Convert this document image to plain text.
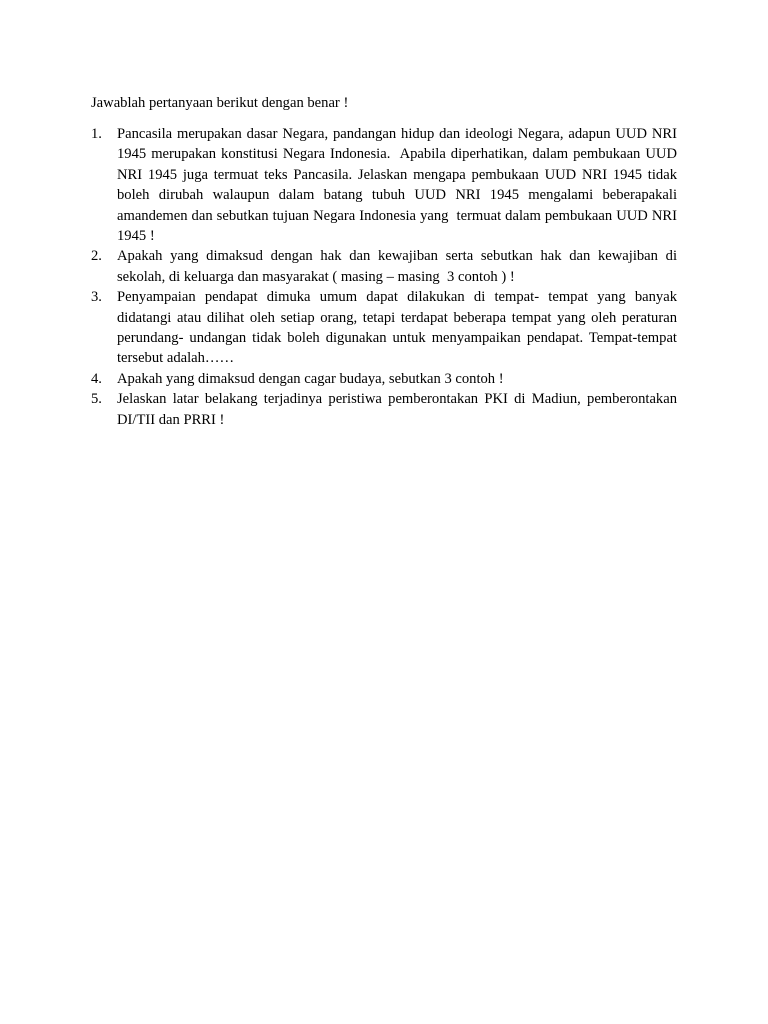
Jawablah pertanyaan berikut dengan benar !
1. Pancasila merupakan dasar Negara, pandangan hidup dan ideologi Negara, adapun UUD NRI 1945 merupakan konstitusi Negara Indonesia.  Apabila diperhatikan, dalam pembukaan UUD NRI 1945 juga termuat teks Pancasila. Jelaskan mengapa pembukaan UUD NRI 1945 tidak boleh dirubah walaupun dalam batang tubuh UUD NRI 1945 mengalami beberapakali amandemen dan sebutkan tujuan Negara Indonesia yang  termuat dalam pembukaan UUD NRI 1945 !
2. Apakah yang dimaksud dengan hak dan kewajiban serta sebutkan hak dan kewajiban di sekolah, di keluarga dan masyarakat ( masing – masing  3 contoh ) !
3. Penyampaian pendapat dimuka umum dapat dilakukan di tempat- tempat yang banyak didatangi atau dilihat oleh setiap orang, tetapi terdapat beberapa tempat yang oleh peraturan perundang- undangan tidak boleh digunakan untuk menyampaikan pendapat. Tempat-tempat tersebut adalah……
4. Apakah yang dimaksud dengan cagar budaya, sebutkan 3 contoh !
5. Jelaskan latar belakang terjadinya peristiwa pemberontakan PKI di Madiun, pemberontakan DI/TII dan PRRI !
